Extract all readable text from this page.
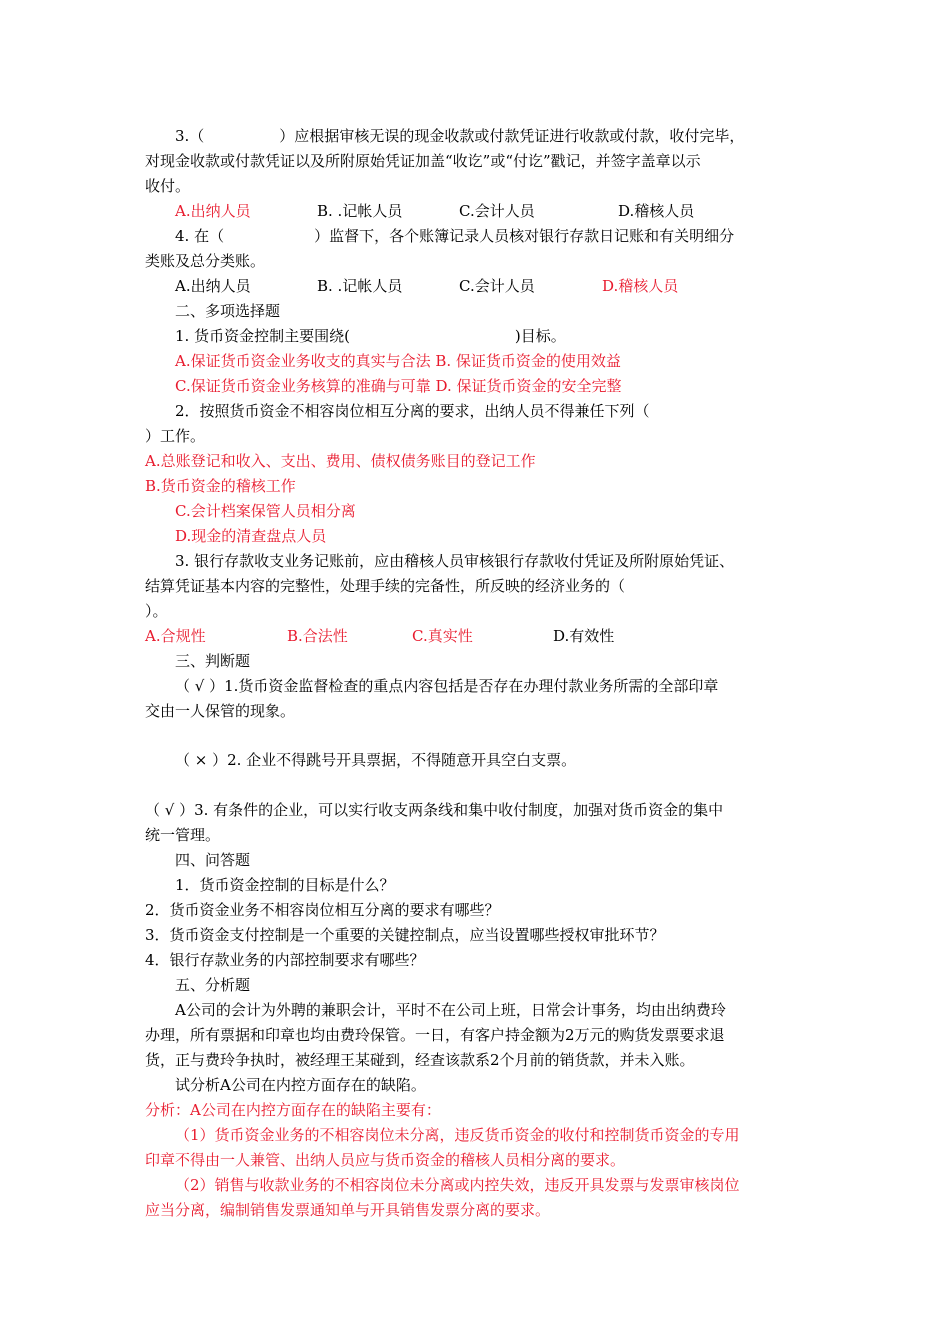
3.（　　　　　）应根据审核无误的现金收款或付款凭证进行收款或付款，收付完毕，
对现金收款或付款凭证以及所附原始凭证加盖“收讫”或“付讫”戳记，并签字盖章以示
收付。
A.出纳人员	B. .记帐人员	C.会计人员	D.稽核人员
4. 在（　　　　　　）监督下，各个账簿记录人员核对银行存款日记账和有关明细分
类账及总分类账。
A.出纳人员	B. .记帐人员	C.会计人员	D.稽核人员
二、多项选择题
1. 货币资金控制主要围绕(　　　　　　　　　　　)目标。
A.保证货币资金业务收支的真实与合法 B. 保证货币资金的使用效益
C.保证货币资金业务核算的准确与可靠 D. 保证货币资金的安全完整
2．按照货币资金不相容岗位相互分离的要求，出纳人员不得兼任下列（
）工作。
A.总账登记和收入、支出、费用、债权债务账目的登记工作
B.货币资金的稽核工作
C.会计档案保管人员相分离
D.现金的清查盘点人员
3. 银行存款收支业务记账前，应由稽核人员审核银行存款收付凭证及所附原始凭证、
结算凭证基本内容的完整性，处理手续的完备性，所反映的经济业务的（
）。
A.合规性	B.合法性	C.真实性	D.有效性
三、判断题
（ √ ）1.货币资金监督检查的重点内容包括是否存在办理付款业务所需的全部印章
交由一人保管的现象。
（ × ）2. 企业不得跳号开具票据，不得随意开具空白支票。
（ √ ）3. 有条件的企业，可以实行收支两条线和集中收付制度，加强对货币资金的集中
统一管理。
四、问答题
1．货币资金控制的目标是什么？
2．货币资金业务不相容岗位相互分离的要求有哪些？
3．货币资金支付控制是一个重要的关键控制点，应当设置哪些授权审批环节？
4．银行存款业务的内部控制要求有哪些？
五、分析题
A公司的会计为外聘的兼职会计，平时不在公司上班，日常会计事务，均由出纳费玲
办理，所有票据和印章也均由费玲保管。一日，有客户持金额为2万元的购货发票要求退
货，正与费玲争执时，被经理王某碰到，经查该款系2个月前的销货款，并未入账。
试分析A公司在内控方面存在的缺陷。
分析：A公司在内控方面存在的缺陷主要有：
（1）货币资金业务的不相容岗位未分离，违反货币资金的收付和控制货币资金的专用
印章不得由一人兼管、出纳人员应与货币资金的稽核人员相分离的要求。
（2）销售与收款业务的不相容岗位未分离或内控失效，违反开具发票与发票审核岗位
应当分离，编制销售发票通知单与开具销售发票分离的要求。
